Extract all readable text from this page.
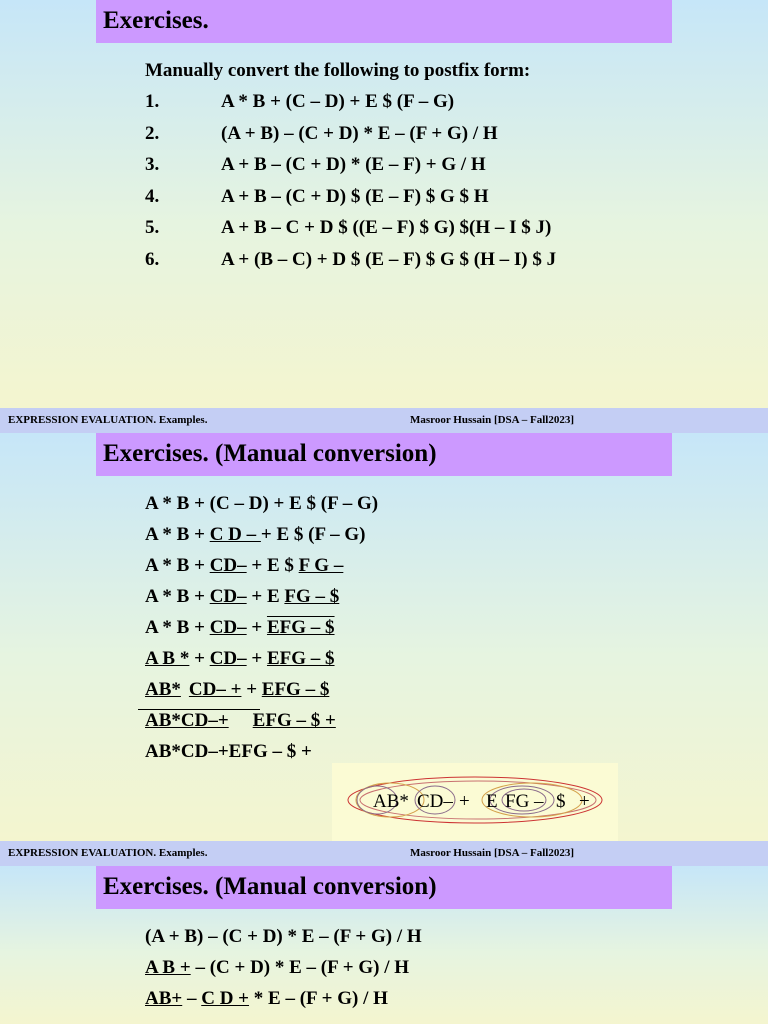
Exercises.
Manually convert the following to postfix form:
1.	A * B + (C – D) + E $ (F – G)
2.	(A + B) – (C + D) * E – (F + G) / H
3.	A + B – (C + D) * (E – F) + G / H
4.	A + B – (C + D) $ (E – F) $ G $ H
5.	A + B – C + D $ ((E – F) $ G) $(H – I $ J)
6.	A + (B – C) + D $ (E – F) $ G $ (H – I) $ J
EXPRESSION EVALUATION. Examples.	Masroor Hussain [DSA – Fall2023]
Exercises. (Manual conversion)
A * B + (C – D) + E $ (F – G)
A * B + C D – + E $ (F – G)
A * B + CD– + E $ F G –
A * B + CD– + E FG – $
A * B + CD– + EFG – $
A B * + CD– + EFG – $
AB* CD– + + EFG – $
AB*CD–+ EFG – $ +
AB*CD–+EFG – $ +
AB* CD– + E FG – $ +
EXPRESSION EVALUATION. Examples.	Masroor Hussain [DSA – Fall2023]
Exercises. (Manual conversion)
(A + B) – (C + D) * E – (F + G) / H
A B + – (C + D) * E – (F + G) / H
AB+ – C D + * E – (F + G) / H
